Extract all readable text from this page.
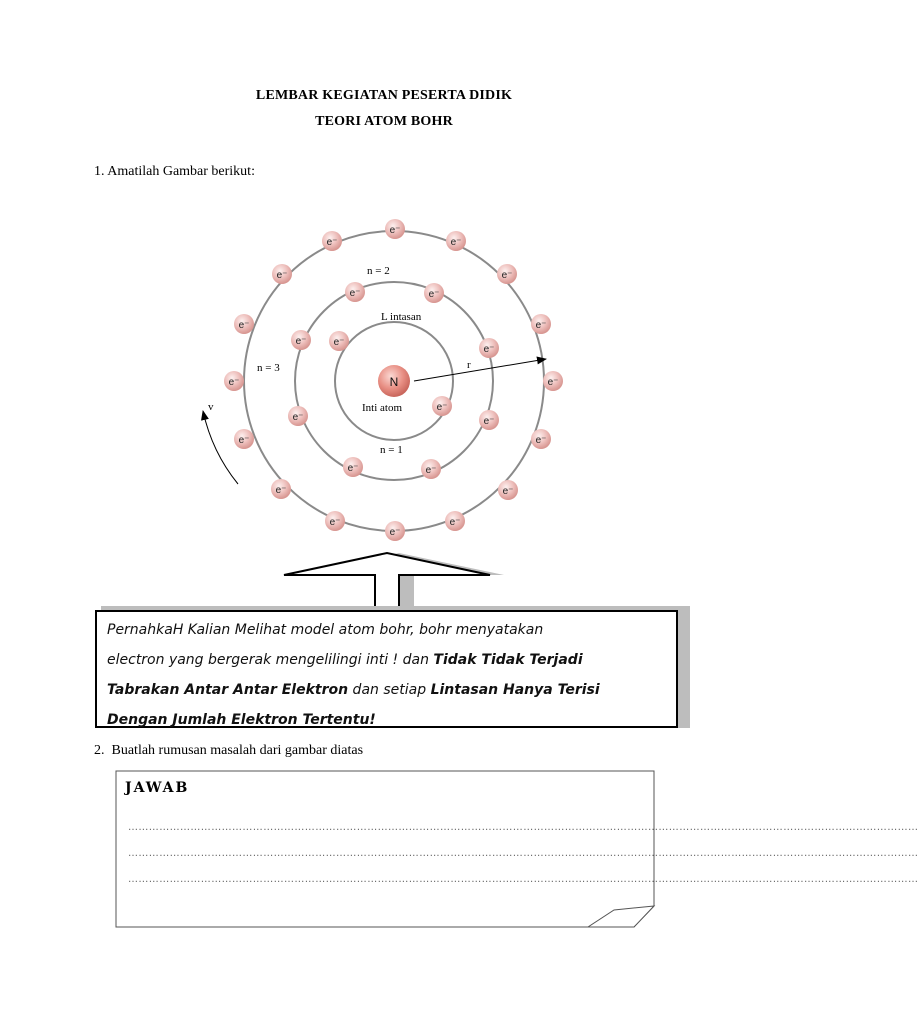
LEMBAR KEGIATAN PESERTA DIDIK
TEORI ATOM BOHR
1. Amatilah Gambar berikut:
e⁻
e⁻
e⁻	e⁻
e⁻	e⁻
e⁻
e⁻
e⁻	e⁻
e⁻
e⁻
e⁻
e⁻	e⁻
e⁻	e⁻
e⁻	e⁻
e⁻	e⁻
e⁻	e⁻
e⁻
e⁻
e⁻
N
n = 2
L intasan
n = 3
Inti atom
n = 1
r
v
PernahkaH Kalian Melihat model atom bohr, bohr menyatakan
electron yang bergerak mengelilingi inti ! dan Tidak Tidak Terjadi
Tabrakan Antar Antar Elektron dan setiap Lintasan Hanya Terisi
Dengan Jumlah Elektron Tertentu!
2. Buatlah rumusan masalah dari gambar diatas
JAWAB
…………………………………………………………………………………………………………………………………………………………………………………………………………
…………………………………………………………………………………………………………………………………………………………………………………………………………
…………………………………………………………………………………………………………………………………………………………………………………………………………
